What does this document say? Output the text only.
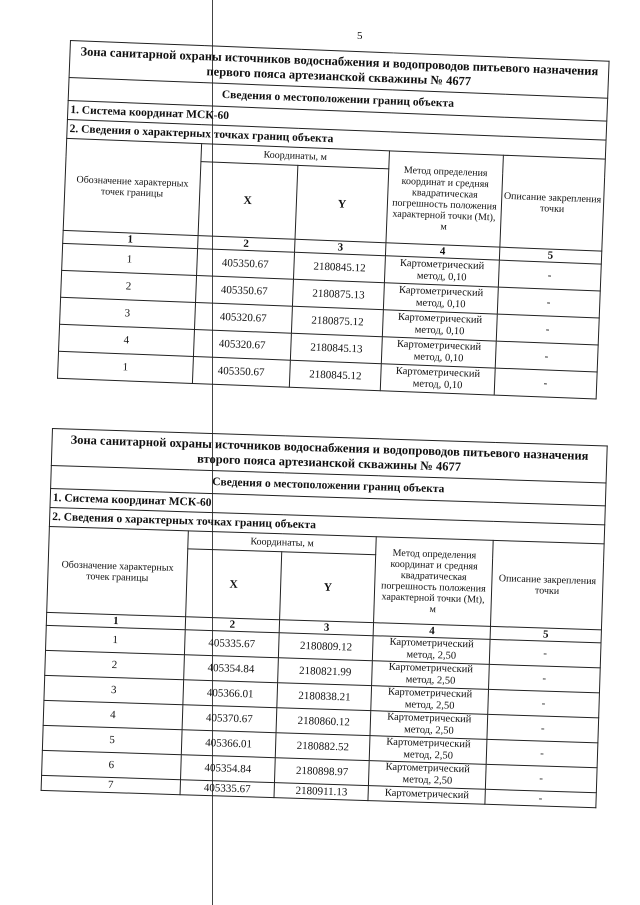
5
Зона санитарной охраны источников водоснабжения и водопроводов питьевого назначения первого пояса артезианской скважины № 4677				
Сведения о местоположении границ объекта				
1. Система координат МСК-60				
2. Сведения о характерных точках границ объекта				
Обозначение характерных точек границы	Координаты, м		Метод определения координат и средняя квадратическая погрешность положения характерной точки (Mt), м	Описание закрепления точки
	X	Y		
1	2	3	4	5
1	405350.67	2180845.12	Картометрический метод, 0,10	-
2	405350.67	2180875.13	Картометрический метод, 0,10	-
3	405320.67	2180875.12	Картометрический метод, 0,10	-
4	405320.67	2180845.13	Картометрический метод, 0,10	-
1	405350.67	2180845.12	Картометрический метод, 0,10	-
Зона санитарной охраны источников водоснабжения и водопроводов питьевого назначения второго пояса артезианской скважины № 4677				
Сведения о местоположении границ объекта				
1. Система координат МСК-60				
2. Сведения о характерных точках границ объекта				
Обозначение характерных точек границы	Координаты, м		Метод определения координат и средняя квадратическая погрешность положения характерной точки (Mt), м	Описание закрепления точки
	X	Y		
1	2	3	4	5
1	405335.67	2180809.12	Картометрический метод, 2,50	-
2	405354.84	2180821.99	Картометрический метод, 2,50	-
3	405366.01	2180838.21	Картометрический метод, 2,50	-
4	405370.67	2180860.12	Картометрический метод, 2,50	-
5	405366.01	2180882.52	Картометрический метод, 2,50	-
6	405354.84	2180898.97	Картометрический метод, 2,50	-
7	405335.67	2180911.13	Картометрический	-
